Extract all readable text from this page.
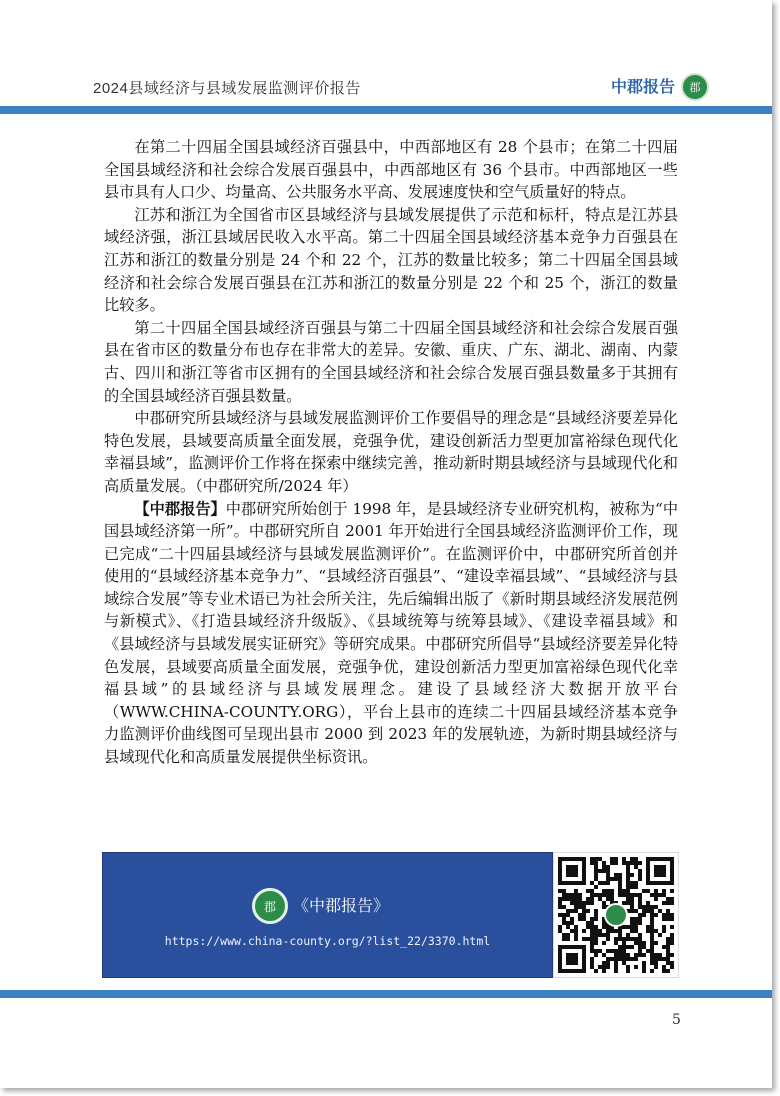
2024县域经济与县域发展监测评价报告	中郡报告	郡

在第二十四届全国县域经济百强县中，中西部地区有 28 个县市；在第二十四届全国县域经济和社会综合发展百强县中，中西部地区有 36 个县市。中西部地区一些县市具有人口少、均量高、公共服务水平高、发展速度快和空气质量好的特点。

江苏和浙江为全国省市区县域经济与县域发展提供了示范和标杆，特点是江苏县域经济强，浙江县域居民收入水平高。第二十四届全国县域经济基本竞争力百强县在江苏和浙江的数量分别是 24 个和 22 个，江苏的数量比较多；第二十四届全国县域经济和社会综合发展百强县在江苏和浙江的数量分别是 22 个和 25 个，浙江的数量比较多。

第二十四届全国县域经济百强县与第二十四届全国县域经济和社会综合发展百强县在省市区的数量分布也存在非常大的差异。安徽、重庆、广东、湖北、湖南、内蒙古、四川和浙江等省市区拥有的全国县域经济和社会综合发展百强县数量多于其拥有的全国县域经济百强县数量。

中郡研究所县域经济与县域发展监测评价工作要倡导的理念是“县域经济要差异化特色发展，县域要高质量全面发展，竞强争优，建设创新活力型更加富裕绿色现代化幸福县域”，监测评价工作将在探索中继续完善，推动新时期县域经济与县域现代化和高质量发展。（中郡研究所/2024 年）

【中郡报告】中郡研究所始创于 1998 年，是县域经济专业研究机构，被称为“中国县域经济第一所”。中郡研究所自 2001 年开始进行全国县域经济监测评价工作，现已完成“二十四届县域经济与县域发展监测评价”。在监测评价中，中郡研究所首创并使用的“县域经济基本竞争力”、“县域经济百强县”、“建设幸福县域”、“县域经济与县域综合发展”等专业术语已为社会所关注，先后编辑出版了《新时期县域经济发展范例与新模式》、《打造县域经济升级版》、《县域统筹与统筹县域》、《建设幸福县域》和《县域经济与县域发展实证研究》等研究成果。中郡研究所倡导“县域经济要差异化特色发展，县域要高质量全面发展，竞强争优，建设创新活力型更加富裕绿色现代化幸福县域”的县域经济与县域发展理念。建设了县域经济大数据开放平台（WWW.CHINA-COUNTY.ORG），平台上县市的连续二十四届县域经济基本竞争力监测评价曲线图可呈现出县市 2000 到 2023 年的发展轨迹，为新时期县域经济与县域现代化和高质量发展提供坐标资讯。

郡	《中郡报告》
https://www.china-county.org/?list_22/3370.html
5
